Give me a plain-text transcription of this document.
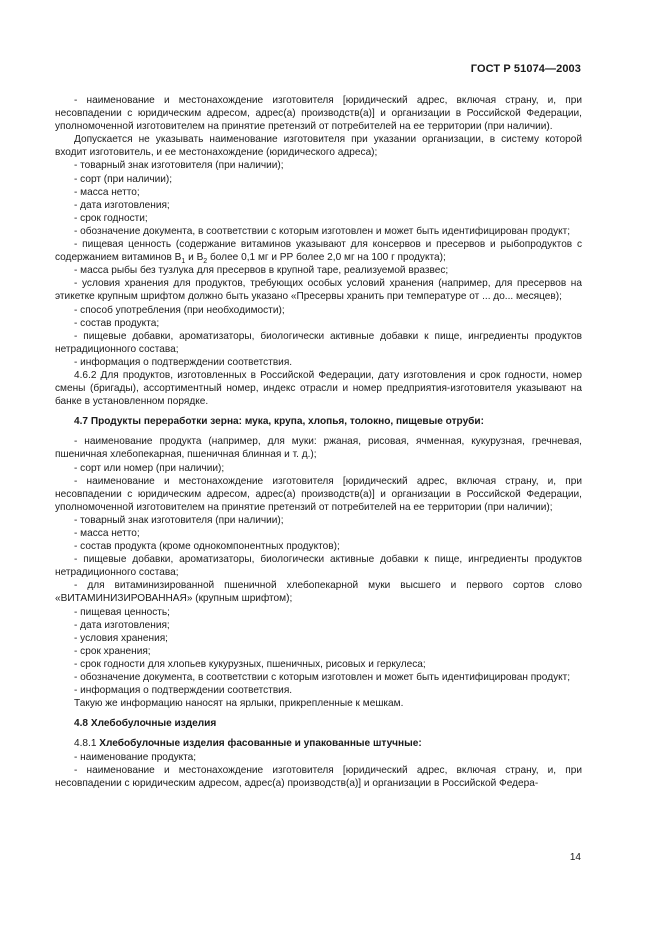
ГОСТ Р 51074—2003

- наименование и местонахождение изготовителя [юридический адрес, включая страну, и, при несовпадении с юридическим адресом, адрес(а) производств(а)] и организации в Российской Федерации, уполномоченной изготовителем на принятие претензий от потребителей на ее территории (при наличии).

Допускается не указывать наименование изготовителя при указании организации, в систему которой входит изготовитель, и ее местонахождение (юридического адреса);

- товарный знак изготовителя (при наличии);

- сорт (при наличии);

- масса нетто;

- дата изготовления;

- срок годности;

- обозначение документа, в соответствии с которым изготовлен и может быть идентифицирован продукт;

- пищевая ценность (содержание витаминов указывают для консервов и пресервов и рыбопродуктов с содержанием витаминов $В_1$ и $В_2$ более 0,1 мг и РР более 2,0 мг на 100 г продукта);

- масса рыбы без тузлука для пресервов в крупной таре, реализуемой вразвес;

- условия хранения для продуктов, требующих особых условий хранения (например, для пресервов на этикетке крупным шрифтом должно быть указано «Пресервы хранить при температуре от ... до... месяцев);

- способ употребления (при необходимости);

- состав продукта;

- пищевые добавки, ароматизаторы, биологически активные добавки к пище, ингредиенты продуктов нетрадиционного состава;

- информация о подтверждении соответствия.

4.6.2 Для продуктов, изготовленных в Российской Федерации, дату изготовления и срок годности, номер смены (бригады), ассортиментный номер, индекс отрасли и номер предприятия-изготовителя указывают на банке в установленном порядке.

4.7 Продукты переработки зерна: мука, крупа, хлопья, толокно, пищевые отруби:

- наименование продукта (например, для муки: ржаная, рисовая, ячменная, кукурузная, гречневая, пшеничная хлебопекарная, пшеничная блинная и т. д.);

- сорт или номер (при наличии);

- наименование и местонахождение изготовителя [юридический адрес, включая страну, и, при несовпадении с юридическим адресом, адрес(а) производств(а)] и организации в Российской Федерации, уполномоченной изготовителем на принятие претензий от потребителей на ее территории (при наличии);

- товарный знак изготовителя (при наличии);

- масса нетто;

- состав продукта (кроме однокомпонентных продуктов);

- пищевые добавки, ароматизаторы, биологически активные добавки к пище, ингредиенты продуктов нетрадиционного состава;

- для витаминизированной пшеничной хлебопекарной муки высшего и первого сортов слово «ВИТАМИНИЗИРОВАННАЯ» (крупным шрифтом);

- пищевая ценность;

- дата изготовления;

- условия хранения;

- срок хранения;

- срок годности для хлопьев кукурузных, пшеничных, рисовых и геркулеса;

- обозначение документа, в соответствии с которым изготовлен и может быть идентифицирован продукт;

- информация о подтверждении соответствия.

Такую же информацию наносят на ярлыки, прикрепленные к мешкам.

4.8 Хлебобулочные изделия

4.8.1 Хлебобулочные изделия фасованные и упакованные штучные:

- наименование продукта;

- наименование и местонахождение изготовителя [юридический адрес, включая страну, и, при несовпадении с юридическим адресом, адрес(а) производств(а)] и организации в Российской Федера-

14
